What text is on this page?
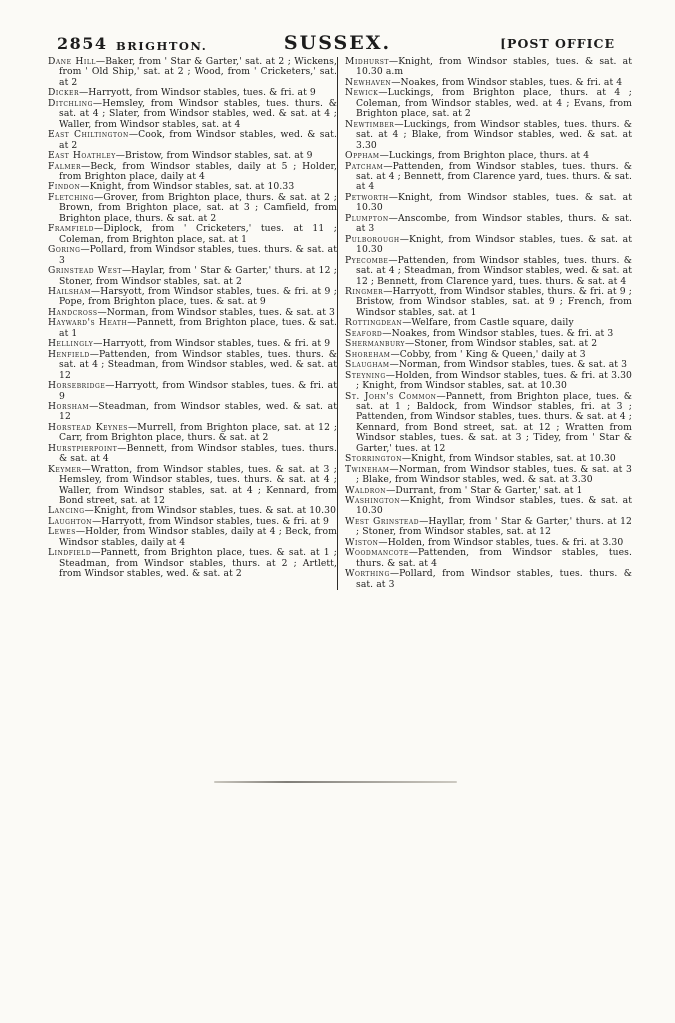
2854 BRIGHTON.	SUSSEX.	[POST OFFICE

Dane Hill—Baker, from ' Star & Garter,' sat. at 2 ; Wickens, from ' Old Ship,' sat. at 2 ; Wood, from ' Cricketers,' sat. at 2

Dicker—Harryott, from Windsor stables, tues. & fri. at 9

Ditchling—Hemsley, from Windsor stables, tues. thurs. & sat. at 4 ; Slater, from Windsor stables, wed. & sat. at 4 ; Waller, from Windsor stables, sat. at 4

East Chiltington—Cook, from Windsor stables, wed. & sat. at 2

East Hoathley—Bristow, from Windsor stables, sat. at 9

Falmer—Beck, from Windsor stables, daily at 5 ; Holder, from Brighton place, daily at 4

Findon—Knight, from Windsor stables, sat. at 10.33

Fletching—Grover, from Brighton place, thurs. & sat. at 2 ; Brown, from Brighton place, sat. at 3 ; Camfield, from Brighton place, thurs. & sat. at 2

Framfield—Diplock, from ' Cricketers,' tues. at 11 ; Coleman, from Brighton place, sat. at 1

Goring—Pollard, from Windsor stables, tues. thurs. & sat. at 3

Grinstead West—Haylar, from ' Star & Garter,' thurs. at 12 ; Stoner, from Windsor stables, sat. at 2

Hailsham—Harsyott, from Windsor stables, tues. & fri. at 9 ; Pope, from Brighton place, tues. & sat. at 9

Handcross—Norman, from Windsor stables, tues. & sat. at 3

Hayward's Heath—Pannett, from Brighton place, tues. & sat. at 1

Hellingly—Harryott, from Windsor stables, tues. & fri. at 9

Henfield—Pattenden, from Windsor stables, tues. thurs. & sat. at 4 ; Steadman, from Windsor stables, wed. & sat. at 12

Horsebridge—Harryott, from Windsor stables, tues. & fri. at 9

Horsham—Steadman, from Windsor stables, wed. & sat. at 12

Horstead Keynes—Murrell, from Brighton place, sat. at 12 ; Carr, from Brighton place, thurs. & sat. at 2

Hurstpierpoint—Bennett, from Windsor stables, tues. thurs. & sat. at 4

Keymer—Wratton, from Windsor stables, tues. & sat. at 3 ; Hemsley, from Windsor stables, tues. thurs. & sat. at 4 ; Waller, from Windsor stables, sat. at 4 ; Kennard, from Bond street, sat. at 12

Lancing—Knight, from Windsor stables, tues. & sat. at 10.30

Laughton—Harryott, from Windsor stables, tues. & fri. at 9

Lewes—Holder, from Windsor stables, daily at 4 ; Beck, from Windsor stables, daily at 4

Lindfield—Pannett, from Brighton place, tues. & sat. at 1 ; Steadman, from Windsor stables, thurs. at 2 ; Artlett, from Windsor stables, wed. & sat. at 2

Midhurst—Knight, from Windsor stables, tues. & sat. at 10.30 a.m

Newhaven—Noakes, from Windsor stables, tues. & fri. at 4

Newick—Luckings, from Brighton place, thurs. at 4 ; Coleman, from Windsor stables, wed. at 4 ; Evans, from Brighton place, sat. at 2

Newtimber—Luckings, from Windsor stables, tues. thurs. & sat. at 4 ; Blake, from Windsor stables, wed. & sat. at 3.30

Oppham—Luckings, from Brighton place, thurs. at 4

Patcham—Pattenden, from Windsor stables, tues. thurs. & sat. at 4 ; Bennett, from Clarence yard, tues. thurs. & sat. at 4

Petworth—Knight, from Windsor stables, tues. & sat. at 10.30

Plumpton—Anscombe, from Windsor stables, thurs. & sat. at 3

Pulborough—Knight, from Windsor stables, tues. & sat. at 10.30

Pyecombe—Pattenden, from Windsor stables, tues. thurs. & sat. at 4 ; Steadman, from Windsor stables, wed. & sat. at 12 ; Bennett, from Clarence yard, tues. thurs. & sat. at 4

Ringmer—Harryott, from Windsor stables, thurs. & fri. at 9 ; Bristow, from Windsor stables, sat. at 9 ; French, from Windsor stables, sat. at 1

Rottingdean—Welfare, from Castle square, daily

Seaford—Noakes, from Windsor stables, tues. & fri. at 3

Shermanbury—Stoner, from Windsor stables, sat. at 2

Shoreham—Cobby, from ' King & Queen,' daily at 3

Slaugham—Norman, from Windsor stables, tues. & sat. at 3

Steyning—Holden, from Windsor stables, tues. & fri. at 3.30 ; Knight, from Windsor stables, sat. at 10.30

St. John's Common—Pannett, from Brighton place, tues. & sat. at 1 ; Baldock, from Windsor stables, fri. at 3 ; Pattenden, from Windsor stables, tues. thurs. & sat. at 4 ; Kennard, from Bond street, sat. at 12 ; Wratten from Windsor stables, tues. & sat. at 3 ; Tidey, from ' Star & Garter,' tues. at 12

Storrington—Knight, from Windsor stables, sat. at 10.30

Twineham—Norman, from Windsor stables, tues. & sat. at 3 ; Blake, from Windsor stables, wed. & sat. at 3.30

Waldron—Durrant, from ' Star & Garter,' sat. at 1

Washington—Knight, from Windsor stables, tues. & sat. at 10.30

West Grinstead—Hayllar, from ' Star & Garter,' thurs. at 12 ; Stoner, from Windsor stables, sat. at 12

Wiston—Holden, from Windsor stables, tues. & fri. at 3.30

Woodmancote—Pattenden, from Windsor stables, tues. thurs. & sat. at 4

Worthing—Pollard, from Windsor stables, tues. thurs. & sat. at 3
